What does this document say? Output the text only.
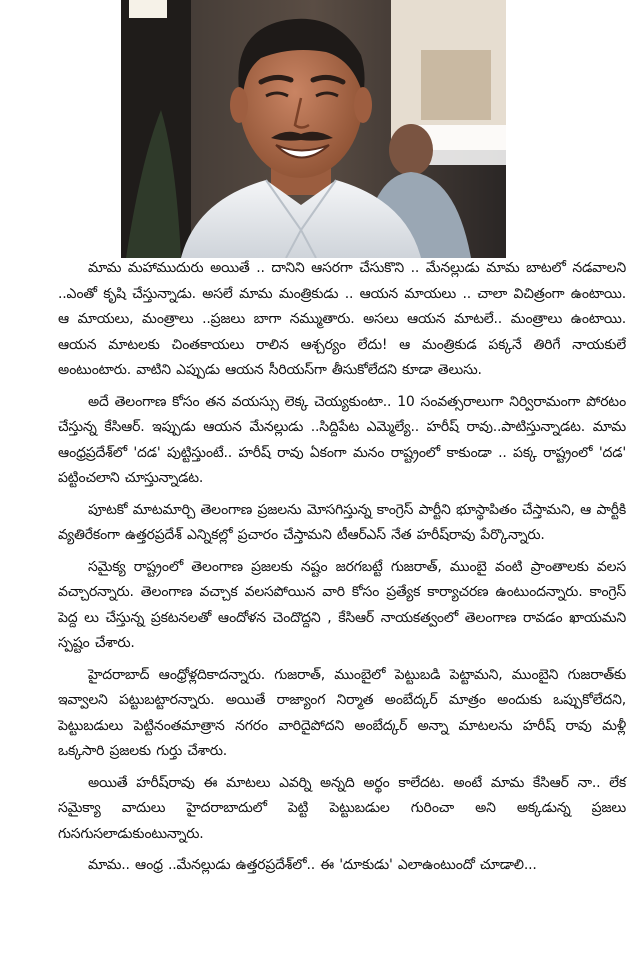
మామ మహాముదురు అయితే .. దానిని ఆసరగా చేసుకొని .. మేనల్లుడు మామ బాటలో నడవాలని ..ఎంతో కృషి చేస్తున్నాడు. అసలే మామ మంత్రికుడు .. ఆయన మాయలు .. చాలా విచిత్రంగా ఉంటాయి. ఆ మాయలు, మంత్రాలు ..ప్రజలు బాగా నమ్ముతారు. అసలు ఆయన మాటలే.. మంత్రాలు ఉంటాయి. ఆయన మాటలకు చింతకాయలు రాలిన ఆశ్చర్యం లేదు! ఆ మంత్రికుడ పక్కనే తిరిగే నాయకులే అంటుంటారు. వాటిని ఎప్పుడు ఆయన సీరియస్‌గా తీసుకోలేదని కూడా తెలుసు.

అదే తెలంగాణ కోసం తన వయస్సు లెక్క చెయ్యకుంటా.. 10 సంవత్సరాలుగా నిర్విరామంగా పోరటం చేస్తున్న కేసిఆర్. ఇప్పుడు ఆయన మేనల్లుడు ..సిద్దిపేట ఎమ్మెల్యే.. హరీష్ రావు..పాటిస్తున్నాడట. మామ ఆంధ్రప్రదేశ్‌లో 'దడ' పుట్టిస్తుంటే.. హరీష్ రావు ఏకంగా మనం రాష్ట్రంలో కాకుండా .. పక్క రాష్ట్రంలో 'దడ' పట్టించలాని చూస్తున్నాడట.

పూటకో మాటమార్చి తెలంగాణ ప్రజలను మోసగిస్తున్న కాంగ్రెస్ పార్టీని భూస్థాపితం చేస్తామని, ఆ పార్టీకి వ్యతిరేకంగా ఉత్తరప్రదేశ్ ఎన్నికల్లో ప్రచారం చేస్తామని టీఆర్ఎస్ నేత హరీష్‌రావు పేర్కొన్నారు.

సమైక్య రాష్ట్రంలో తెలంగాణ ప్రజలకు నష్టం జరగబట్టే గుజరాత్, ముంబై వంటి ప్రాంతాలకు వలస వచ్చారన్నారు. తెలంగాణ వచ్చాక వలసపోయిన వారి కోసం ప్రత్యేక కార్యాచరణ ఉంటుందన్నారు. కాంగ్రెస్ పెద్ద లు చేస్తున్న ప్రకటనలతో ఆందోళన చెందొద్దని , కేసిఆర్ నాయకత్వంలో తెలంగాణ రావడం ఖాయమని స్పష్టం చేశారు.

హైదరాబాద్ ఆంధ్రోళ్లదికాదన్నారు. గుజరాత్, ముంబైలో పెట్టుబడి పెట్టామని, ముంబైని గుజరాత్‌కు ఇవ్వాలని పట్టుబట్టారన్నారు. అయితే రాజ్యాంగ నిర్మాత అంబేద్కర్ మాత్రం అందుకు ఒప్పుకోలేదని, పెట్టుబడులు పెట్టినంతమాత్రాన నగరం వారిదైపోదని అంబేద్కర్ అన్నా మాటలను హరీష్ రావు మళ్లీ ఒక్కసారి ప్రజలకు గుర్తు చేశారు.

అయితే హరీష్‌రావు ఈ మాటలు ఎవర్ని అన్నది అర్థం కాలేదట. అంటే మామ కేసిఆర్ నా.. లేక సమైక్యా వాదులు హైదరాబాదులో పెట్టి పెట్టుబడుల గురించా అని అక్కడున్న ప్రజలు గుసగుసలాడుకుంటున్నారు.

మామ.. ఆంధ్ర ..మేనల్లుడు ఉత్తరప్రదేశ్‌లో.. ఈ 'దూకుడు' ఎలాఉంటుందో చూడాలి...
